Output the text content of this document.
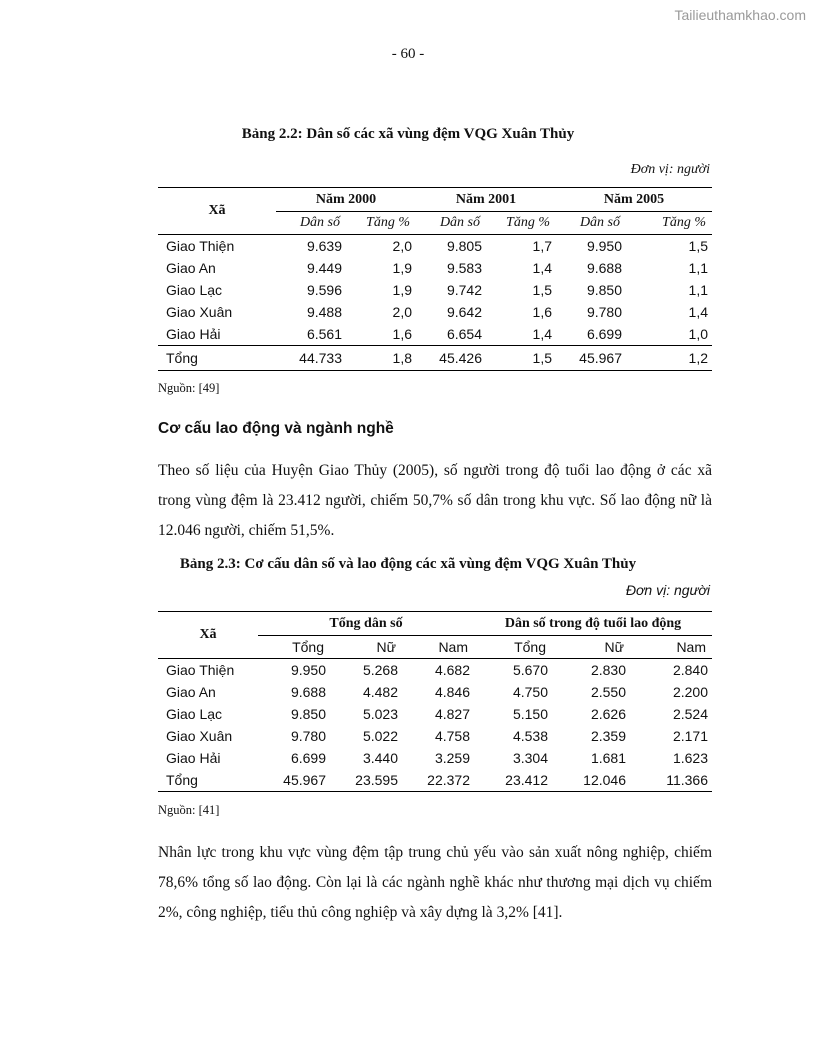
Tailieuthamkhao.com
- 60 -
Bảng 2.2: Dân số các xã vùng đệm VQG Xuân Thủy
Đơn vị: người
Xã	Năm 2000		Năm 2001		Năm 2005	
	Dân số	Tăng %	Dân số	Tăng %	Dân số	Tăng %
Giao Thiện	9.639	2,0	9.805	1,7	9.950	1,5
Giao An	9.449	1,9	9.583	1,4	9.688	1,1
Giao Lạc	9.596	1,9	9.742	1,5	9.850	1,1
Giao Xuân	9.488	2,0	9.642	1,6	9.780	1,4
Giao Hải	6.561	1,6	6.654	1,4	6.699	1,0
Tổng	44.733	1,8	45.426	1,5	45.967	1,2
Nguồn: [49]
Cơ cấu lao động và ngành nghề
Theo số liệu của Huyện Giao Thủy (2005), số người trong độ tuổi lao động ở các xã trong vùng đệm là 23.412 người, chiếm 50,7% số dân trong khu vực. Số lao động nữ là 12.046 người, chiếm 51,5%.
Bảng 2.3: Cơ cấu dân số và lao động các xã vùng đệm VQG Xuân Thủy
Đơn vị: người
Xã	Tổng dân số			Dân số trong độ tuổi lao động		
	Tổng	Nữ	Nam	Tổng	Nữ	Nam
Giao Thiện	9.950	5.268	4.682	5.670	2.830	2.840
Giao An	9.688	4.482	4.846	4.750	2.550	2.200
Giao Lạc	9.850	5.023	4.827	5.150	2.626	2.524
Giao Xuân	9.780	5.022	4.758	4.538	2.359	2.171
Giao Hải	6.699	3.440	3.259	3.304	1.681	1.623
Tổng	45.967	23.595	22.372	23.412	12.046	11.366
Nguồn: [41]
Nhân lực trong khu vực vùng đệm tập trung chủ yếu vào sản xuất nông nghiệp, chiếm 78,6% tổng số lao động. Còn lại là các ngành nghề khác như thương mại dịch vụ chiếm 2%, công nghiệp, tiểu thủ công nghiệp và xây dựng là 3,2% [41].
